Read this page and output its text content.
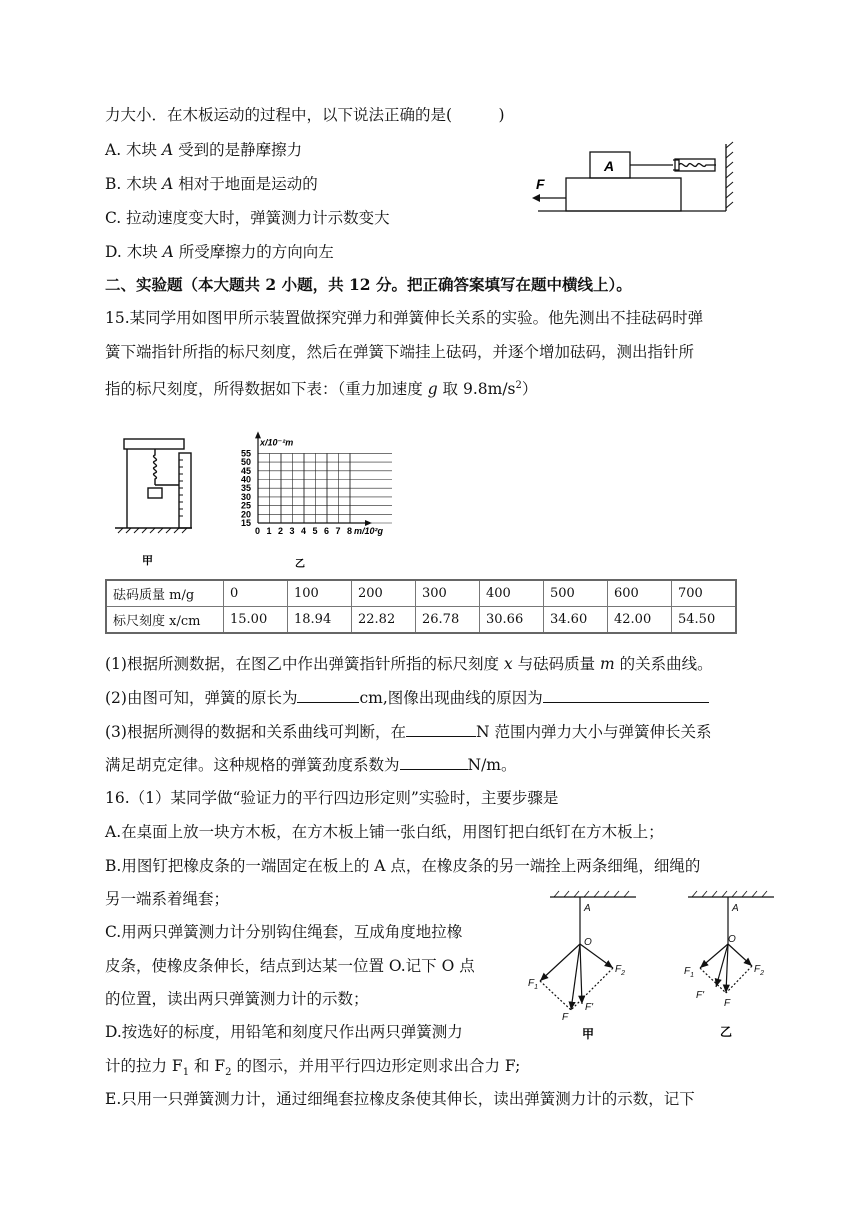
力大小．在木板运动的过程中，以下说法正确的是(　　　)
A. 木块 A 受到的是静摩擦力
B. 木块 A 相对于地面是运动的
C. 拉动速度变大时，弹簧测力计示数变大
D. 木块 A 所受摩擦力的方向向左
A
F
二、实验题（本大题共 2 小题，共 12 分。把正确答案填写在题中横线上）。
15.某同学用如图甲所示装置做探究弹力和弹簧伸长关系的实验。他先测出不挂砝码时弹
簧下端指针所指的标尺刻度，然后在弹簧下端挂上砝码，并逐个增加砝码，测出指针所
指的标尺刻度，所得数据如下表：（重力加速度 g 取 $9.8m/s^2$）
甲
0 1 2 3 4 5 6 7 8
55
50
45
40
35
30
25
20
15
x/10⁻²m
m/10²g
乙
砝码质量 m/g	0	100	200	300	400	500	600	700
标尺刻度 x/cm	15.00	18.94	22.82	26.78	30.66	34.60	42.00	54.50
(1)根据所测数据，在图乙中作出弹簧指针所指的标尺刻度 x 与砝码质量 m 的关系曲线。
(2)由图可知，弹簧的原长为	cm,图像出现曲线的原因为
(3)根据所测得的数据和关系曲线可判断，在	N 范围内弹力大小与弹簧伸长关系
满足胡克定律。这种规格的弹簧劲度系数为	N/m。
16.（1）某同学做“验证力的平行四边形定则”实验时，主要步骤是
A.在桌面上放一块方木板，在方木板上铺一张白纸，用图钉把白纸钉在方木板上；
B.用图钉把橡皮条的一端固定在板上的 A 点，在橡皮条的另一端拴上两条细绳，细绳的
另一端系着绳套；
C.用两只弹簧测力计分别钩住绳套，互成角度地拉橡
皮条，使橡皮条伸长，结点到达某一位置 O.记下 O 点
的位置，读出两只弹簧测力计的示数；
D.按选好的标度，用铅笔和刻度尺作出两只弹簧测力
计的拉力 $F_1$ 和 $F_2$ 的图示，并用平行四边形定则求出合力 F;
E.只用一只弹簧测力计，通过细绳套拉橡皮条使其伸长，读出弹簧测力计的示数，记下
A
O
$F_1$
$F_2$
F
F'
甲
A
O
$F_1$
$F_2$
F'
F
乙
